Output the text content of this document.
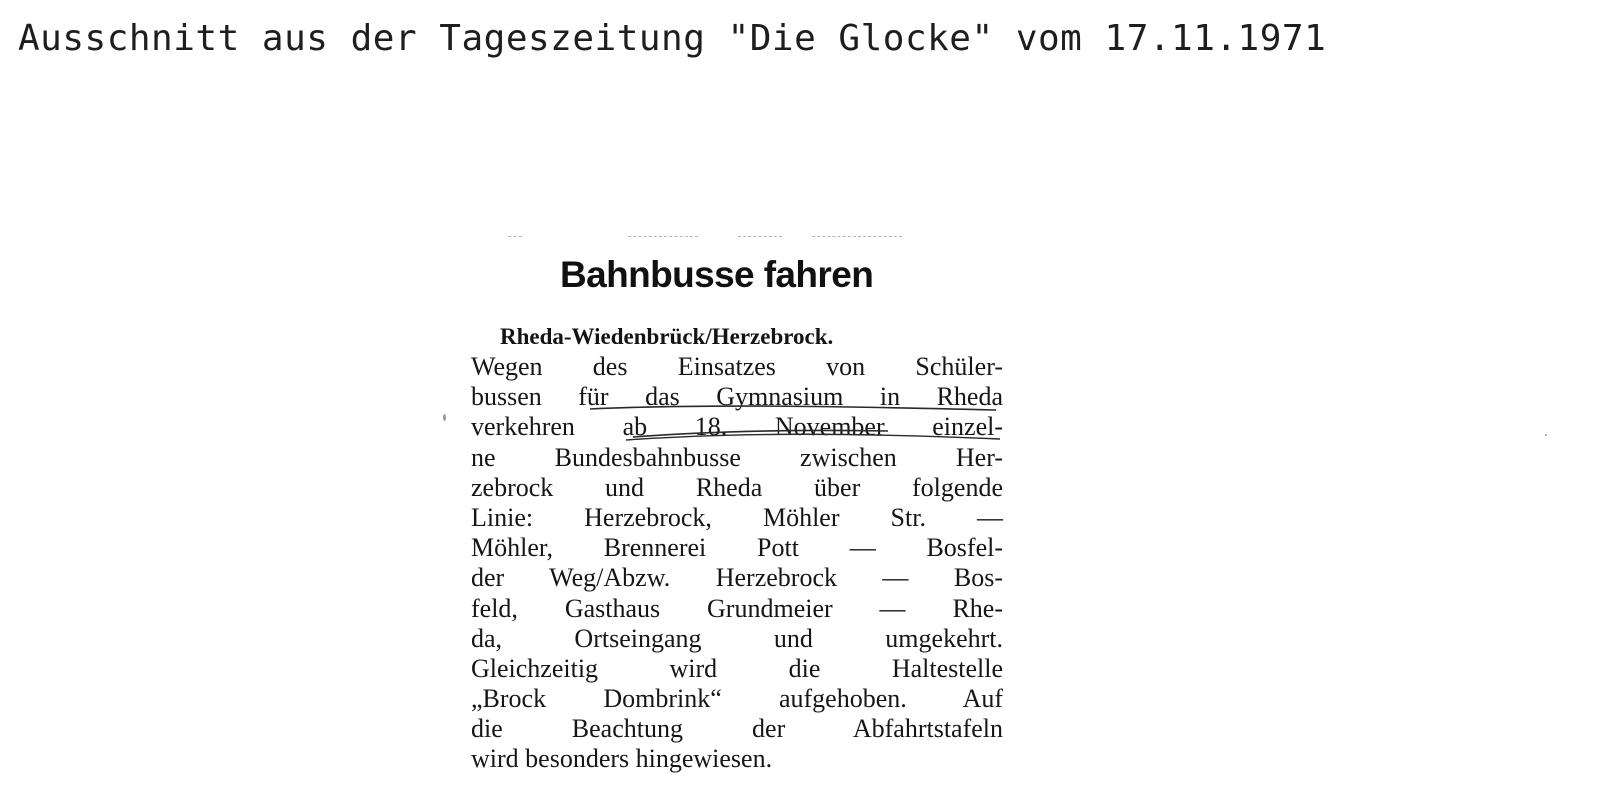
Ausschnitt aus der Tageszeitung "Die Glocke" vom 17.11.1971
Bahnbusse fahren
Rheda-Wiedenbrück/Herzebrock.
Wegen des Einsatzes von Schüler-
bussen für das Gymnasium in Rheda
verkehren ab 18. November einzel-
ne Bundesbahnbusse zwischen Her-
zebrock und Rheda über folgende
Linie: Herzebrock, Möhler Str. —
Möhler, Brennerei Pott — Bosfel-
der Weg/Abzw. Herzebrock — Bos-
feld, Gasthaus Grundmeier — Rhe-
da, Ortseingang und umgekehrt.
Gleichzeitig wird die Haltestelle
„Brock Dombrink“ aufgehoben. Auf
die Beachtung der Abfahrtstafeln
wird besonders hingewiesen.
